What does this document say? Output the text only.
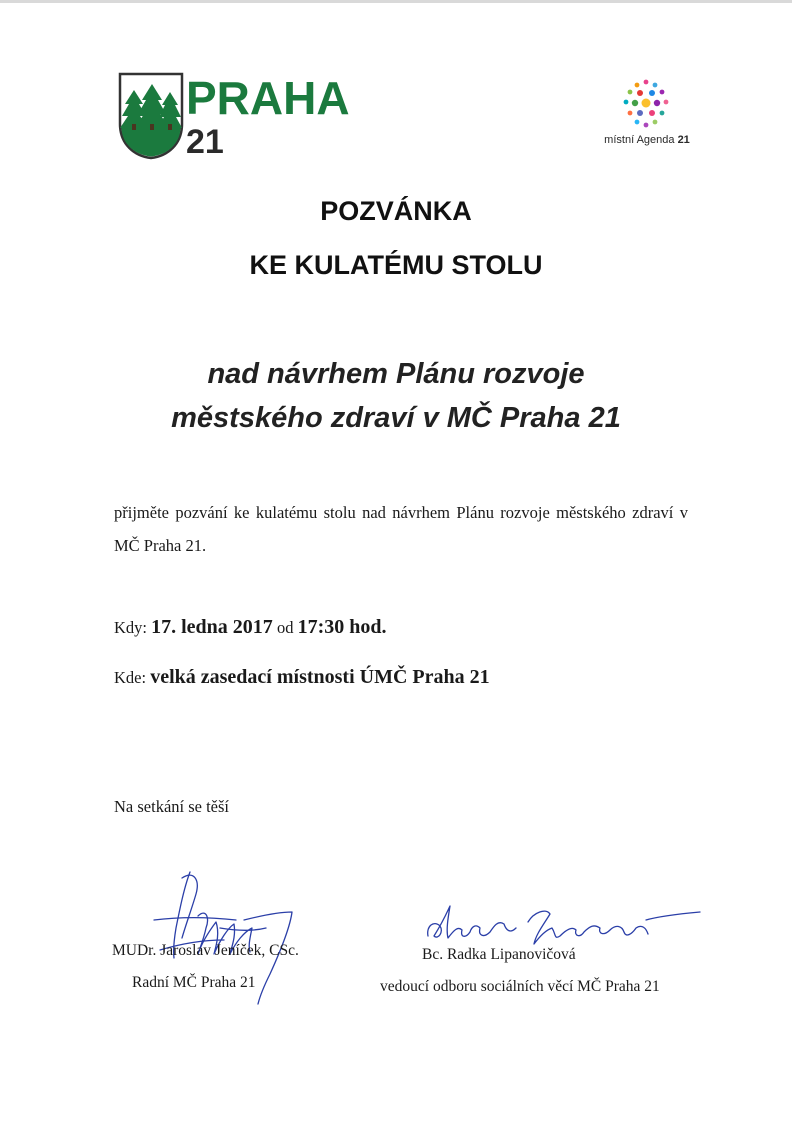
PRAHA
21	místní Agenda 21
POZVÁNKA
KE KULATÉMU STOLU
nad návrhem Plánu rozvoje
městského zdraví v MČ Praha 21

přijměte pozvání ke kulatému stolu nad návrhem Plánu rozvoje městského zdraví v MČ Praha 21.

Kdy: 17. ledna 2017 od 17:30 hod.
Kde: velká zasedací místnosti ÚMČ Praha 21
Na setkání se těší
MUDr. Jaroslav Jeníček, CSc.
Radní MČ Praha 21
Bc. Radka Lipanovičová
vedoucí odboru sociálních věcí MČ Praha 21
